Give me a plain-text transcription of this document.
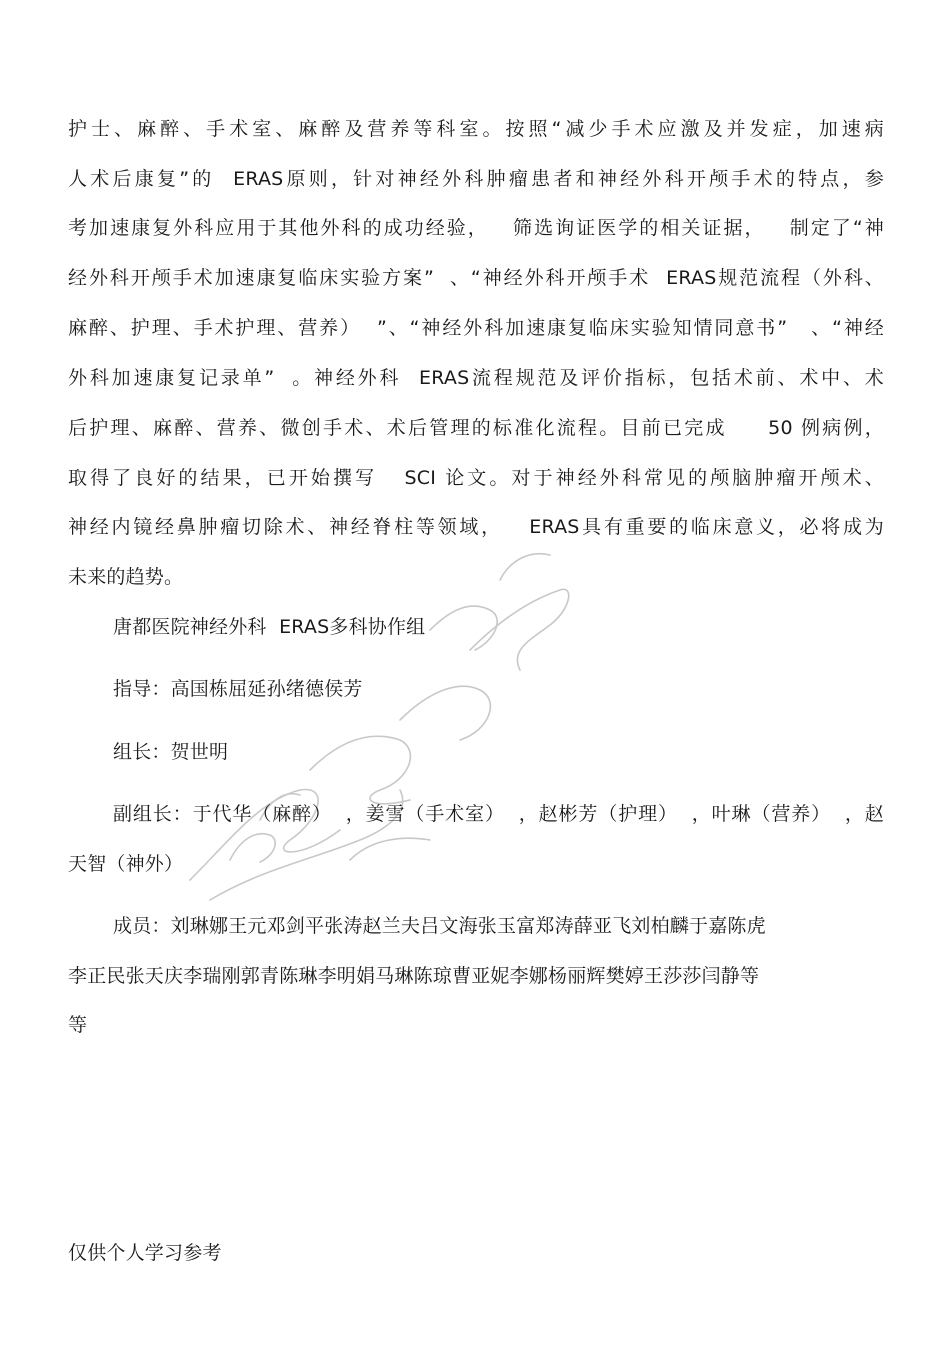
护士、麻醉、手术室、麻醉及营养等科室。按照“减少手术应激及并发症，加速病
人术后康复”的  ERAS原则，针对神经外科肿瘤患者和神经外科开颅手术的特点，参
考加速康复外科应用于其他外科的成功经验，   筛选询证医学的相关证据，   制定了“神
经外科开颅手术加速康复临床实验方案”  、“神经外科开颅手术  ERAS规范流程（外科、
麻醉、护理、手术护理、营养）  ”、“神经外科加速康复临床实验知情同意书”   、“神经
外科加速康复记录单”  。神经外科  ERAS流程规范及评价指标，包括术前、术中、术
后护理、麻醉、营养、微创手术、术后管理的标准化流程。目前已完成     50 例病例，
取得了良好的结果，已开始撰写   SCI 论文。对于神经外科常见的颅脑肿瘤开颅术、
神经内镜经鼻肿瘤切除术、神经脊柱等领域，   ERAS具有重要的临床意义，必将成为
未来的趋势。
唐都医院神经外科  ERAS多科协作组
指导：高国栋屈延孙绪德侯芳
组长：贺世明
副组长：于代华（麻醉）  ，姜雪（手术室）  ，赵彬芳（护理）  ，叶琳（营养）  ，赵
天智（神外）
成员：刘琳娜王元邓剑平张涛赵兰夫吕文海张玉富郑涛薛亚飞刘柏麟于嘉陈虎
李正民张天庆李瑞刚郭青陈琳李明娟马琳陈琼曹亚妮李娜杨丽辉樊婷王莎莎闫静等
等
仅供个人学习参考
